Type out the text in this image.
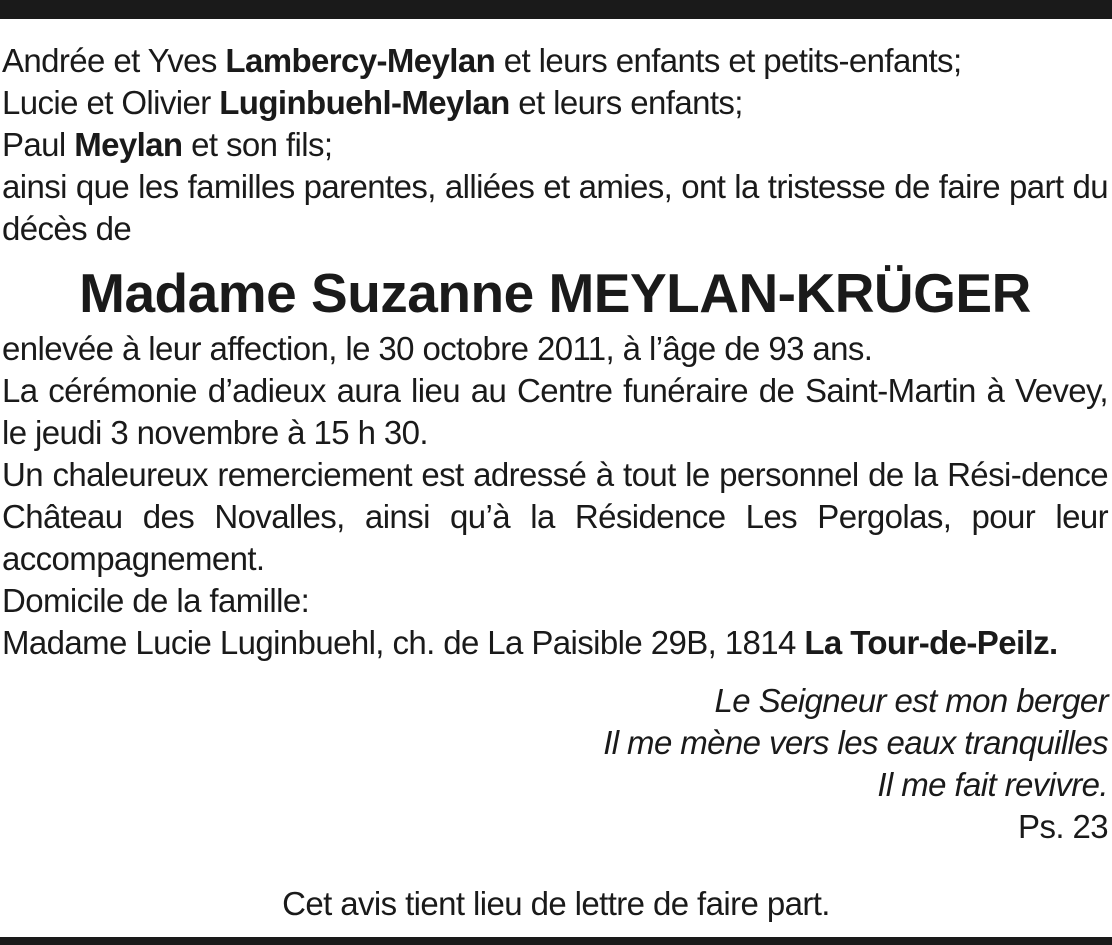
Andrée et Yves Lambercy-Meylan et leurs enfants et petits-enfants;

Lucie et Olivier Luginbuehl-Meylan et leurs enfants;

Paul Meylan et son fils;

ainsi que les familles parentes, alliées et amies, ont la tristesse de faire part du décès de

Madame Suzanne MEYLAN-KRÜGER

enlevée à leur affection, le 30 octobre 2011, à l’âge de 93 ans.

La cérémonie d’adieux aura lieu au Centre funéraire de Saint-Martin à Vevey, le jeudi 3 novembre à 15 h 30.

Un chaleureux remerciement est adressé à tout le personnel de la Rési-dence Château des Novalles, ainsi qu’à la Résidence Les Pergolas, pour leur accompagnement.

Domicile de la famille:

Madame Lucie Luginbuehl, ch. de La Paisible 29B, 1814 La Tour-de-Peilz.

Le Seigneur est mon berger
Il me mène vers les eaux tranquilles
Il me fait revivre.

Ps. 23

Cet avis tient lieu de lettre de faire part.
